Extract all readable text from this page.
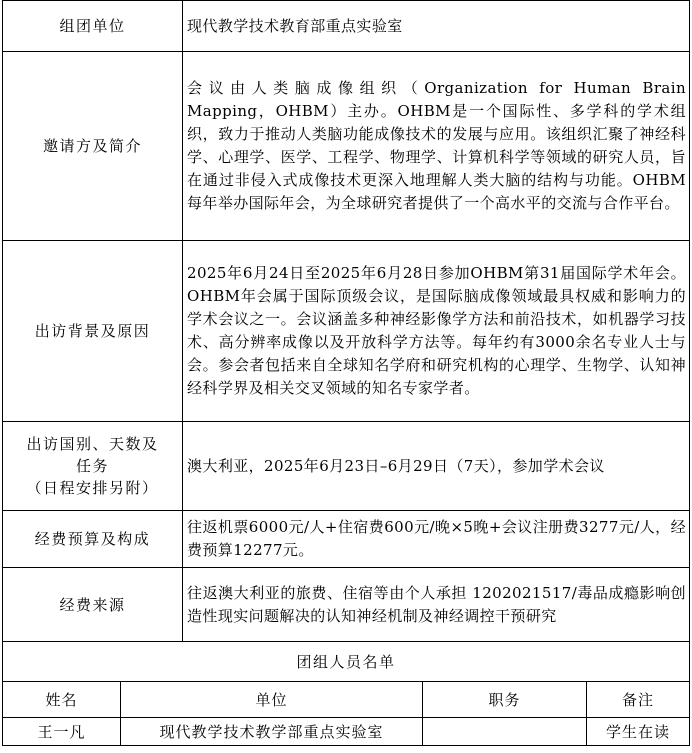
组团单位		现代教学技术教育部重点实验室		
邀请方及简介		会议由人类脑成像组织（Organization for Human Brain Mapping，OHBM）主办。OHBM是一个国际性、多学科的学术组织，致力于推动人类脑功能成像技术的发展与应用。该组织汇聚了神经科学、心理学、医学、工程学、物理学、计算机科学等领域的研究人员，旨在通过非侵入式成像技术更深入地理解人类大脑的结构与功能。OHBM每年举办国际年会，为全球研究者提供了一个高水平的交流与合作平台。		
出访背景及原因		2025年6月24日至2025年6月28日参加OHBM第31届国际学术年会。OHBM年会属于国际顶级会议，是国际脑成像领域最具权威和影响力的学术会议之一。会议涵盖多种神经影像学方法和前沿技术，如机器学习技术、高分辨率成像以及开放科学方法等。每年约有3000余名专业人士与会。参会者包括来自全球知名学府和研究机构的心理学、生物学、认知神经科学界及相关交叉领域的知名专家学者。		

出访国别、天数及
任务
（日程安排另附）		澳大利亚，2025年6月23日–6月29日（7天），参加学术会议		
经费预算及构成		往返机票6000元/人+住宿费600元/晚×5晚+会议注册费3277元/人，经费预算12277元。		
经费来源		往返澳大利亚的旅费、住宿等由个人承担 1202021517/毒品成瘾影响创造性现实问题解决的认知神经机制及神经调控干预研究		
团组人员名单				
姓名	单位		职务	备注
王一凡	现代教学技术教学部重点实验室			学生在读
